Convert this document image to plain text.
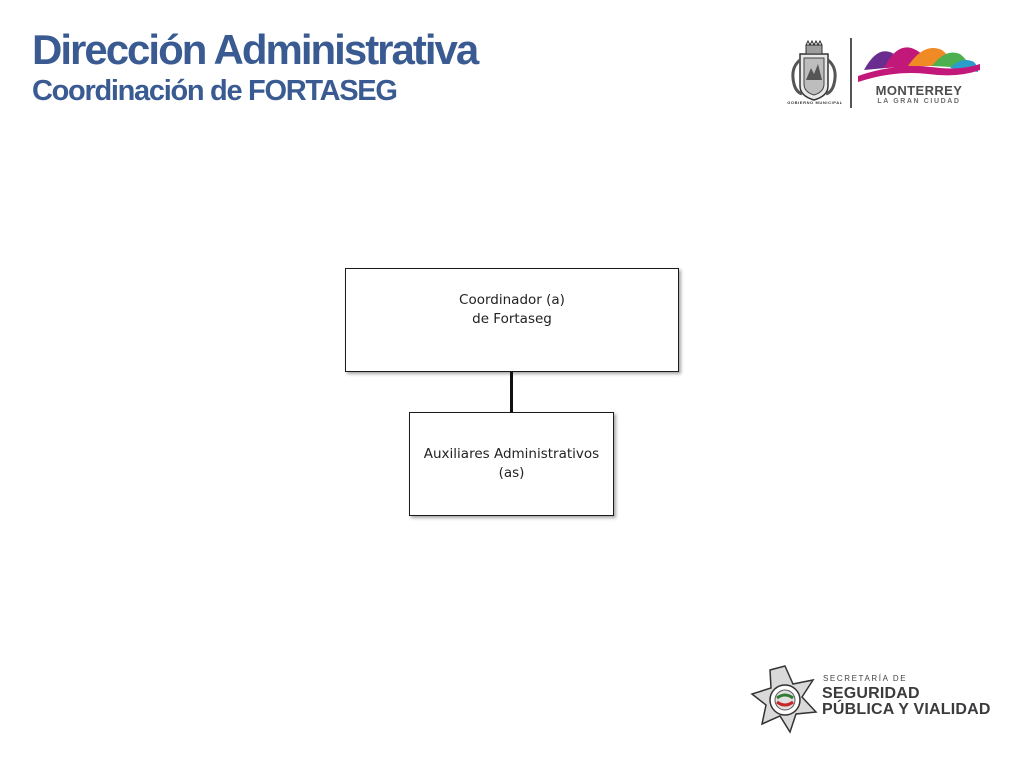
Dirección Administrativa
Coordinación de FORTASEG	GOBIERNO MUNICIPAL
MONTERREY
LA GRAN CIUDAD
Coordinador (a)
de Fortaseg
Auxiliares Administrativos
(as)
SECRETARÍA DE
SEGURIDAD
PÚBLICA Y VIALIDAD
